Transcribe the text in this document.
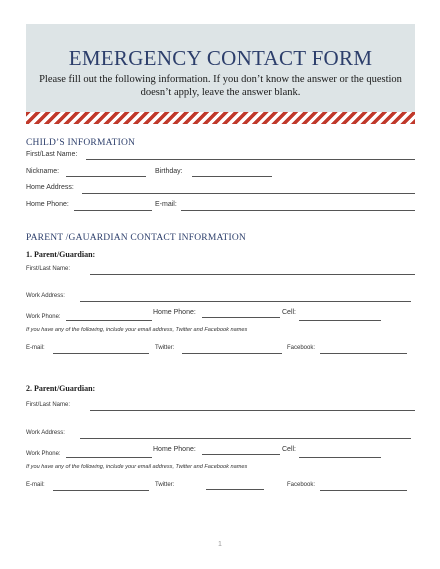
EMERGENCY CONTACT FORM
Please fill out the following information. If you don’t know the answer or the question doesn’t apply, leave the answer blank.
CHILD’S INFORMATION
First/Last Name:
Nickname:	Birthday:
Home Address:
Home Phone:	E-mail:
PARENT /GAUARDIAN CONTACT INFORMATION
1. Parent/Guardian:
First/Last Name:
Work Address:
Work Phone:
Home Phone:	Cell:
If you have any of the following, include your email address, Twitter and Facebook names
E-mail:	Twitter:	Facebook:
2. Parent/Guardian:
First/Last Name:
Work Address:
Work Phone:
Home Phone:	Cell:
If you have any of the following, include your email address, Twitter and Facebook names
E-mail:	Twitter:	Facebook:
1
